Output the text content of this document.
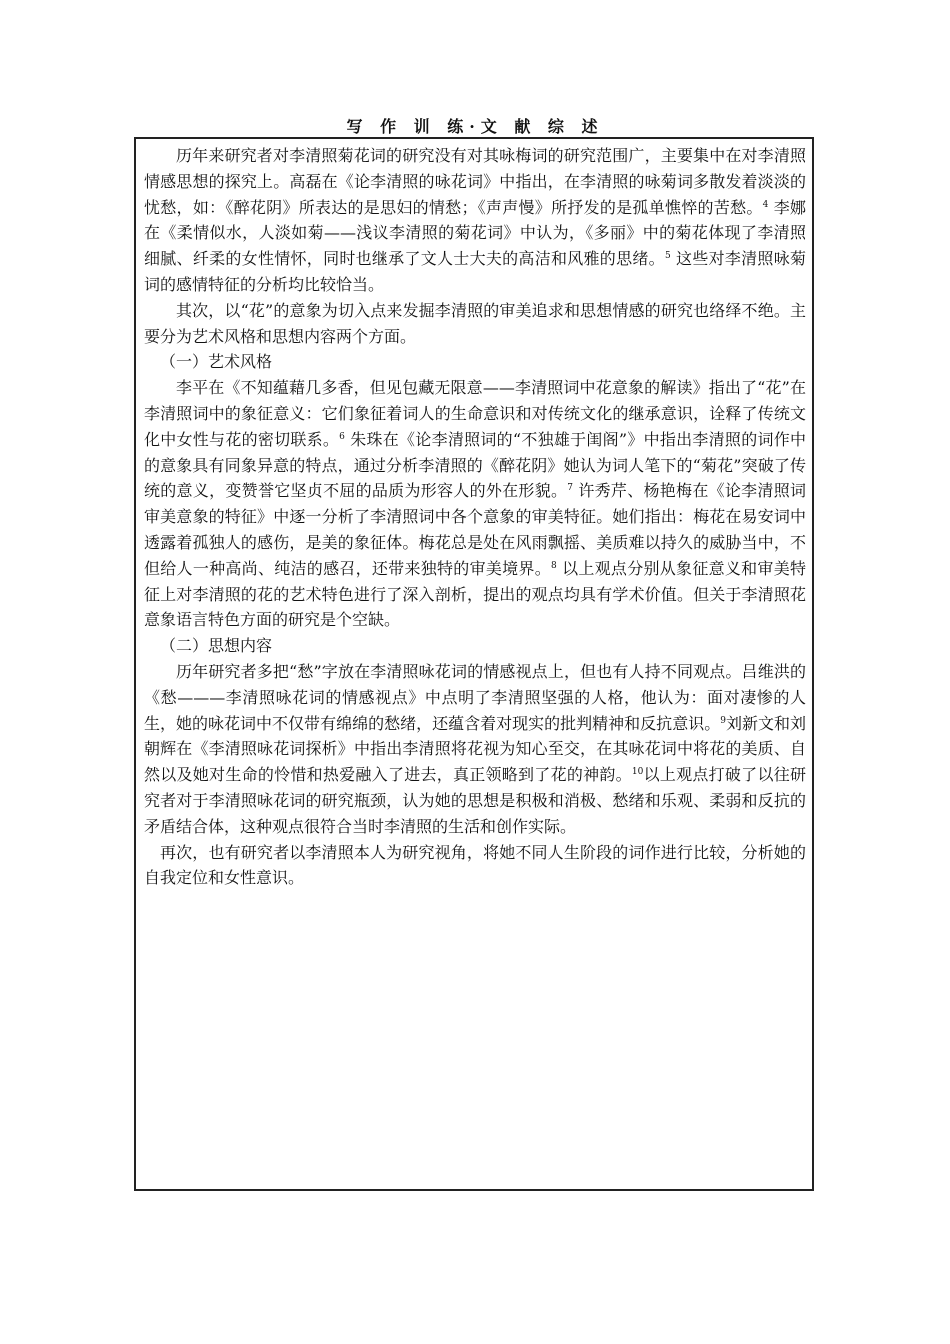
写 作 训 练·文 献 综 述

历年来研究者对李清照菊花词的研究没有对其咏梅词的研究范围广，主要集中在对李清照情感思想的探究上。高磊在《论李清照的咏花词》中指出，在李清照的咏菊词多散发着淡淡的忧愁，如：《醉花阴》所表达的是思妇的情愁；《声声慢》所抒发的是孤单憔悴的苦愁。$^4$ 李娜在《柔情似水，人淡如菊——浅议李清照的菊花词》中认为，《多丽》中的菊花体现了李清照细腻、纤柔的女性情怀，同时也继承了文人士大夫的高洁和风雅的思绪。$^5$ 这些对李清照咏菊词的感情特征的分析均比较恰当。

其次，以“花”的意象为切入点来发掘李清照的审美追求和思想情感的研究也络绎不绝。主要分为艺术风格和思想内容两个方面。

（一）艺术风格

李平在《不知蕴藉几多香，但见包藏无限意——李清照词中花意象的解读》指出了“花”在李清照词中的象征意义：它们象征着词人的生命意识和对传统文化的继承意识，诠释了传统文化中女性与花的密切联系。$^6$ 朱珠在《论李清照词的“不独雄于闺阁”》中指出李清照的词作中的意象具有同象异意的特点，通过分析李清照的《醉花阴》她认为词人笔下的“菊花”突破了传统的意义，变赞誉它坚贞不屈的品质为形容人的外在形貌。$^7$ 许秀芹、杨艳梅在《论李清照词审美意象的特征》中逐一分析了李清照词中各个意象的审美特征。她们指出：梅花在易安词中透露着孤独人的感伤，是美的象征体。梅花总是处在风雨飘摇、美质难以持久的威胁当中，不但给人一种高尚、纯洁的感召，还带来独特的审美境界。$^8$ 以上观点分别从象征意义和审美特征上对李清照的花的艺术特色进行了深入剖析，提出的观点均具有学术价值。但关于李清照花意象语言特色方面的研究是个空缺。

（二）思想内容

历年研究者多把“愁”字放在李清照咏花词的情感视点上，但也有人持不同观点。吕维洪的《愁———李清照咏花词的情感视点》中点明了李清照坚强的人格，他认为：面对凄惨的人生，她的咏花词中不仅带有绵绵的愁绪，还蕴含着对现实的批判精神和反抗意识。$^9$刘新文和刘朝辉在《李清照咏花词探析》中指出李清照将花视为知心至交，在其咏花词中将花的美质、自然以及她对生命的怜惜和热爱融入了进去，真正领略到了花的神韵。$^{10}$以上观点打破了以往研究者对于李清照咏花词的研究瓶颈，认为她的思想是积极和消极、愁绪和乐观、柔弱和反抗的矛盾结合体，这种观点很符合当时李清照的生活和创作实际。

再次，也有研究者以李清照本人为研究视角，将她不同人生阶段的词作进行比较，分析她的自我定位和女性意识。
